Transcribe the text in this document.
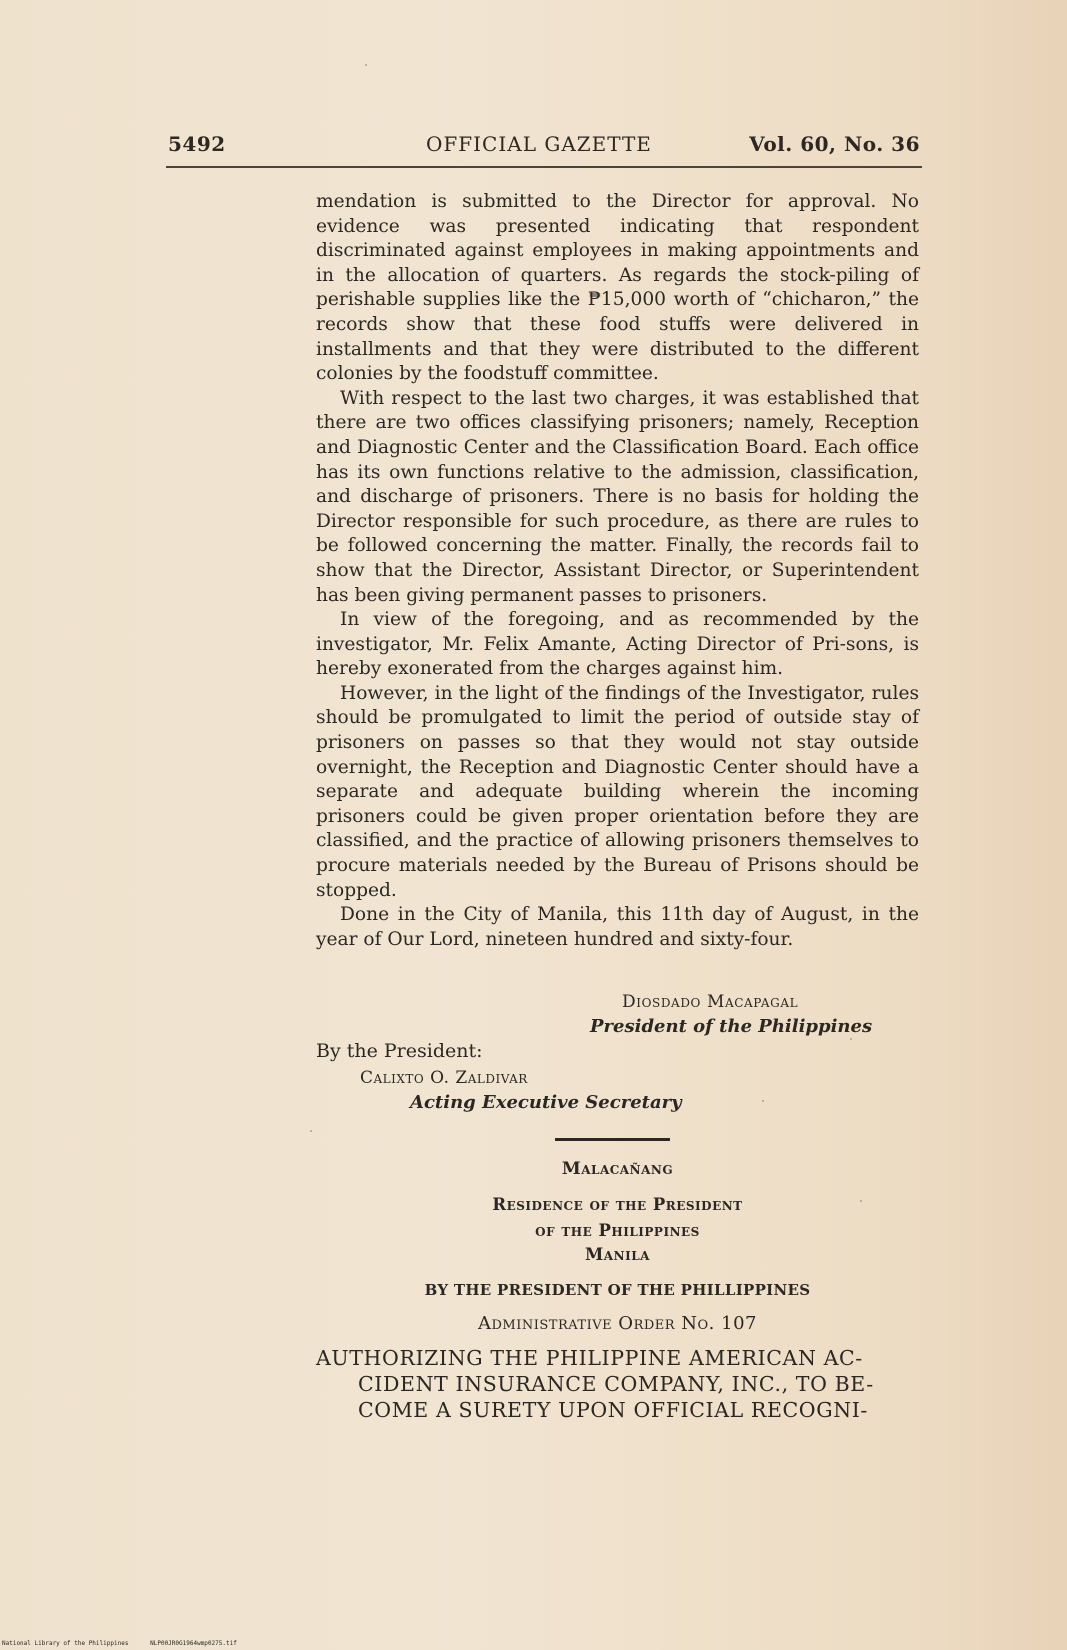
5492	OFFICIAL GAZETTE	Vol. 60, No. 36

mendation is submitted to the Director for approval. No evidence was presented indicating that respondent discriminated against employees in making appointments and in the allocation of quarters. As regards the stock-piling of perishable supplies like the ₱15,000 worth of “chicharon,” the records show that these food stuffs were delivered in installments and that they were distributed to the different colonies by the foodstuff committee.

With respect to the last two charges, it was established that there are two offices classifying prisoners; namely, Reception and Diagnostic Center and the Classification Board. Each office has its own functions relative to the admission, classification, and discharge of prisoners. There is no basis for holding the Director responsible for such procedure, as there are rules to be followed concerning the matter. Finally, the records fail to show that the Director, Assistant Director, or Superintendent has been giving permanent passes to prisoners.

In view of the foregoing, and as recommended by the investigator, Mr. Felix Amante, Acting Director of Pri-sons, is hereby exonerated from the charges against him.

However, in the light of the findings of the Investigator, rules should be promulgated to limit the period of outside stay of prisoners on passes so that they would not stay outside overnight, the Reception and Diagnostic Center should have a separate and adequate building wherein the incoming prisoners could be given proper orientation before they are classified, and the practice of allowing prisoners themselves to procure materials needed by the Bureau of Prisons should be stopped.

Done in the City of Manila, this 11th day of August, in the year of Our Lord, nineteen hundred and sixty-four.

Diosdado Macapagal
President of the Philippines
By the President:
Calixto O. Zaldivar
Acting Executive Secretary
Malacañang
Residence of the President
of the Philippines
Manila
BY THE PRESIDENT OF THE PHILLIPPINES
Administrative Order No. 107
AUTHORIZING THE PHILIPPINE AMERICAN AC-
CIDENT INSURANCE COMPANY, INC., TO BE-
COME A SURETY UPON OFFICIAL RECOGNI-
National Library of the Philippines	NLP00JR0G1964wmp0275.tif
